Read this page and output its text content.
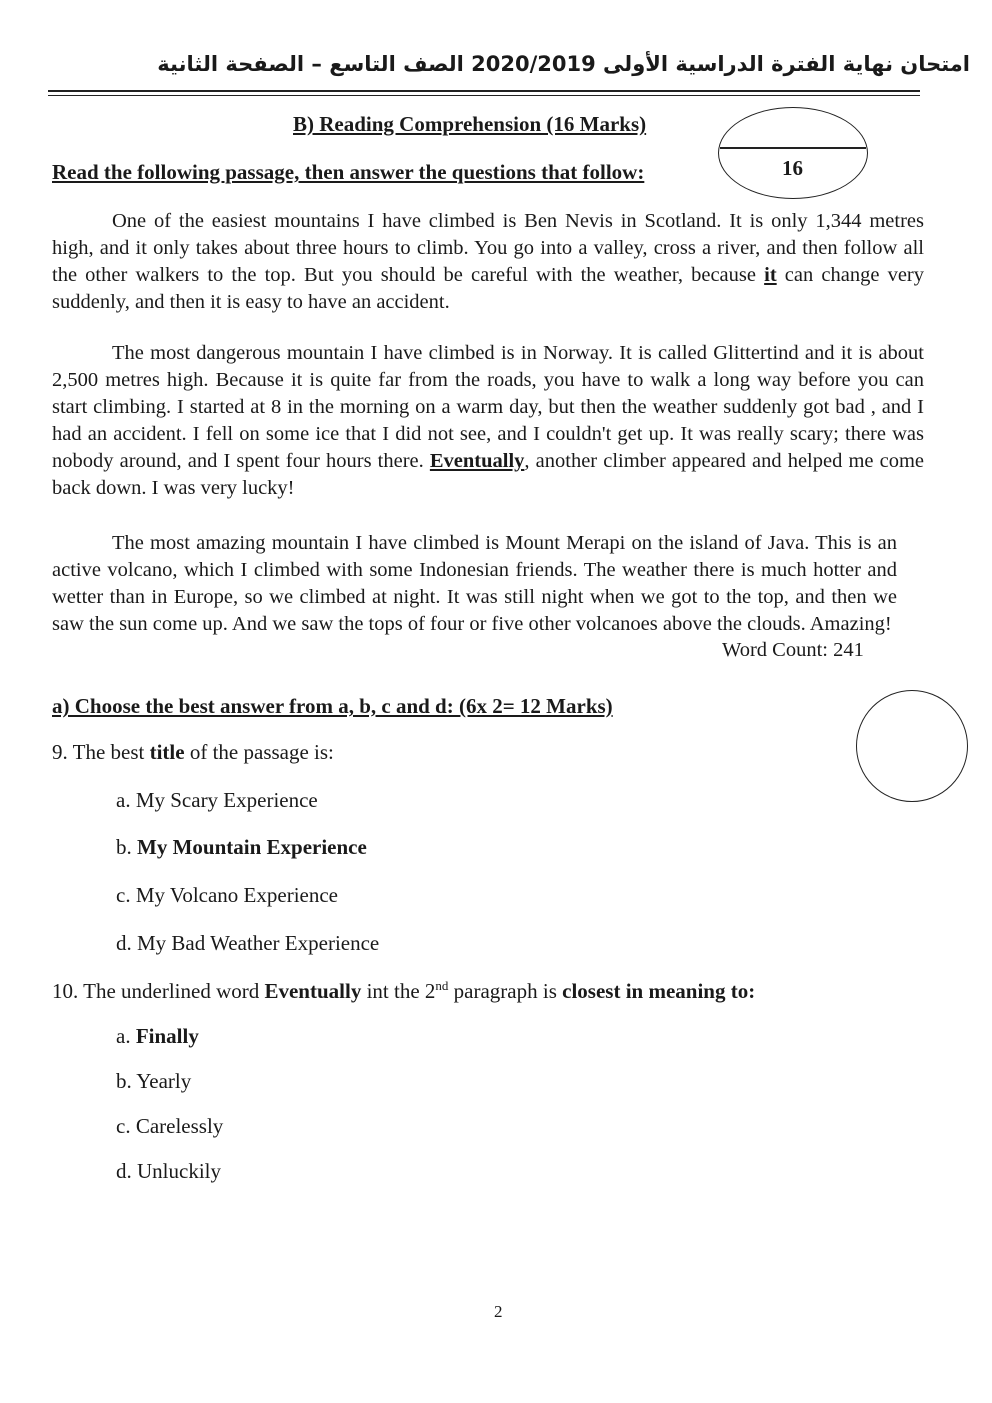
امتحان نهاية الفترة الدراسية الأولى 2020/2019 الصف التاسع – الصفحة الثانية
B) Reading Comprehension (16 Marks)
16
Read the following passage, then answer the questions that follow:

One of the easiest mountains I have climbed is Ben Nevis in Scotland. It is only 1,344 metres high, and it only takes about three hours to climb. You go into a valley, cross a river, and then follow all the other walkers to the top. But you should be careful with the weather, because it can change very suddenly, and then it is easy to have an accident.

The most dangerous mountain I have climbed is in Norway. It is called Glittertind and it is about 2,500 metres high. Because it is quite far from the roads, you have to walk a long way before you can start climbing. I started at 8 in the morning on a warm day, but then the weather suddenly got bad , and I had an accident. I fell on some ice that I did not see, and I couldn't get up. It was really scary; there was nobody around, and I spent four hours there. Eventually, another climber appeared and helped me come back down. I was very lucky!

The most amazing mountain I have climbed is Mount Merapi on the island of Java. This is an active volcano, which I climbed with some Indonesian friends. The weather there is much hotter and wetter than in Europe, so we climbed at night. It was still night when we got to the top, and then we saw the sun come up. And we saw the tops of four or five other volcanoes above the clouds. Amazing!

Word Count: 241
a) Choose the best answer from a, b, c and d: (6x 2= 12 Marks)
9. The best title of the passage is:
a. My Scary Experience
b. My Mountain Experience
c. My Volcano Experience
d. My Bad Weather Experience
10. The underlined word Eventually int the 2nd paragraph is closest in meaning to:
a. Finally
b. Yearly
c. Carelessly
d. Unluckily
2
